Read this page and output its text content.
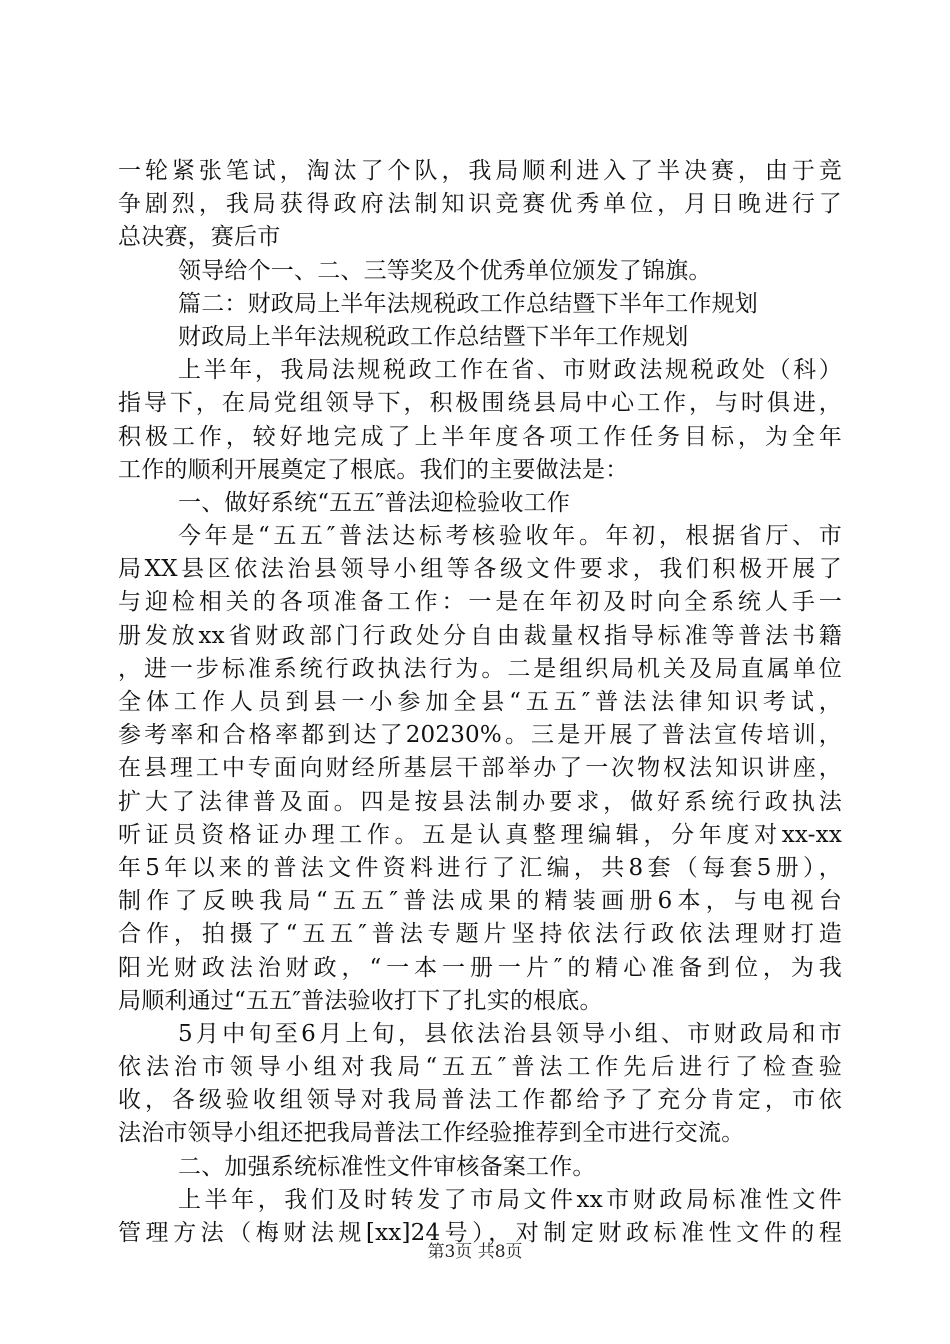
一轮紧张笔试，淘汰了个队，我局顺利进入了半决赛，由于竞
争剧烈，我局获得政府法制知识竞赛优秀单位，月日晚进行了
总决赛，赛后市
领导给个一、二、三等奖及个优秀单位颁发了锦旗。
篇二：财政局上半年法规税政工作总结暨下半年工作规划
财政局上半年法规税政工作总结暨下半年工作规划
上半年，我局法规税政工作在省、市财政法规税政处（科）
指导下，在局党组领导下，积极围绕县局中心工作，与时俱进，
积极工作，较好地完成了上半年度各项工作任务目标，为全年
工作的顺利开展奠定了根底。我们的主要做法是：
一、做好系统“五五″普法迎检验收工作
今年是“五五″普法达标考核验收年。年初，根据省厅、市
局XX县区依法治县领导小组等各级文件要求，我们积极开展了
与迎检相关的各项准备工作：一是在年初及时向全系统人手一
册发放xx省财政部门行政处分自由裁量权指导标准等普法书籍
，进一步标准系统行政执法行为。二是组织局机关及局直属单位
全体工作人员到县一小参加全县“五五″普法法律知识考试，
参考率和合格率都到达了20230%。三是开展了普法宣传培训，
在县理工中专面向财经所基层干部举办了一次物权法知识讲座，
扩大了法律普及面。四是按县法制办要求，做好系统行政执法
听证员资格证办理工作。五是认真整理编辑，分年度对xx-xx
年5年以来的普法文件资料进行了汇编，共8套（每套5册），
制作了反映我局“五五″普法成果的精装画册6本，与电视台
合作，拍摄了“五五″普法专题片坚持依法行政依法理财打造
阳光财政法治财政，“一本一册一片″的精心准备到位，为我
局顺利通过“五五″普法验收打下了扎实的根底。
5月中旬至6月上旬，县依法治县领导小组、市财政局和市
依法治市领导小组对我局“五五″普法工作先后进行了检查验
收，各级验收组领导对我局普法工作都给予了充分肯定，市依
法治市领导小组还把我局普法工作经验推荐到全市进行交流。
二、加强系统标准性文件审核备案工作。
上半年，我们及时转发了市局文件xx市财政局标准性文件
管理方法（梅财法规[xx]24号），对制定财政标准性文件的程
第3页 共8页
